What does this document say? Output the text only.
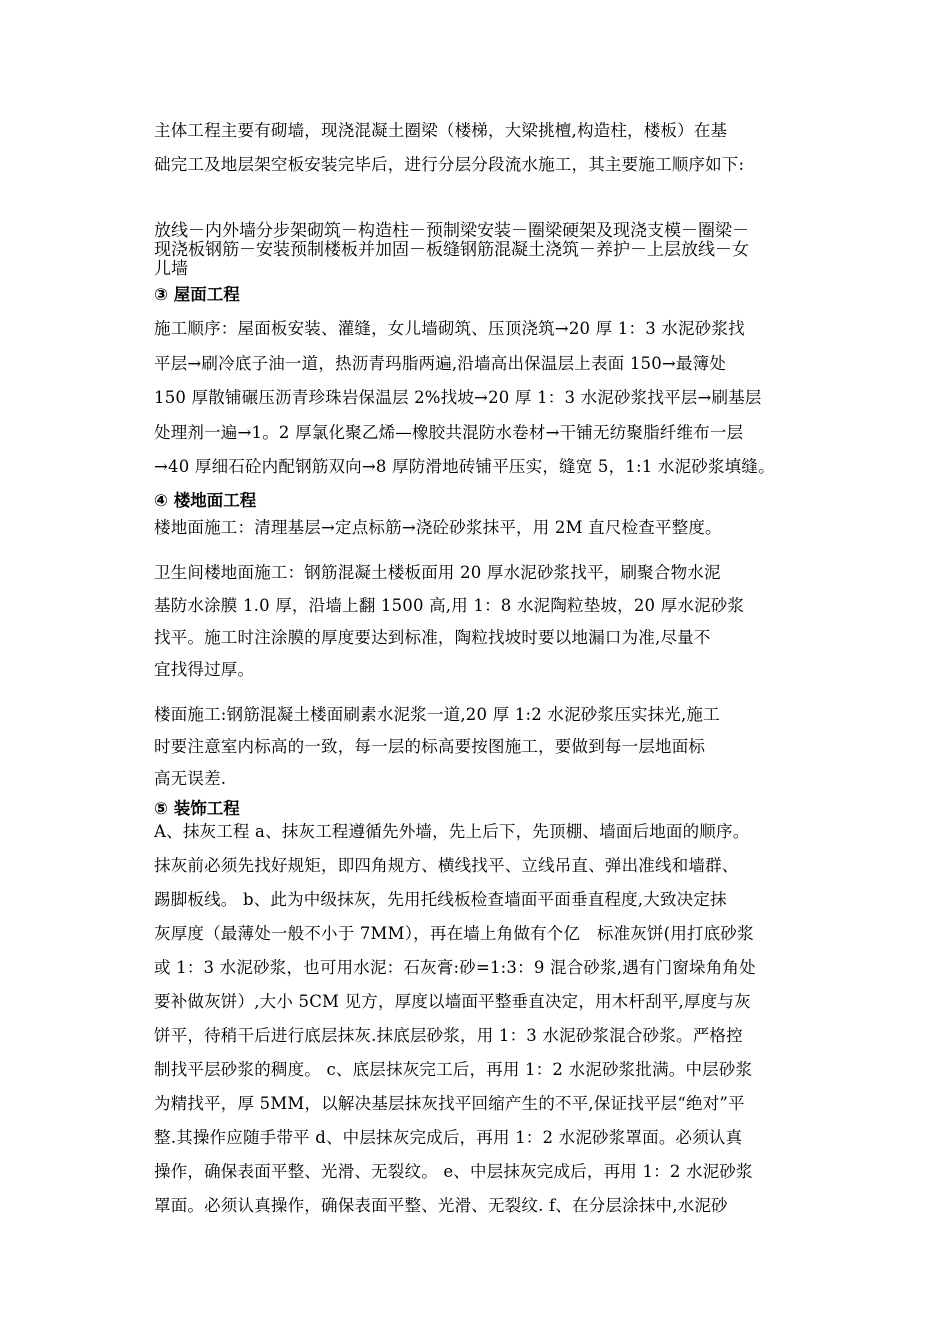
主体工程主要有砌墙，现浇混凝土圈梁（楼梯，大梁挑檀,构造柱，楼板）在基
础完工及地层架空板安装完毕后，进行分层分段流水施工，其主要施工顺序如下:
放线－内外墙分步架砌筑－构造柱－预制梁安装－圈梁硬架及现浇支模－圈梁－
现浇板钢筋－安装预制楼板并加固－板缝钢筋混凝土浇筑－养护－上层放线－女
儿墙
③ 屋面工程
施工顺序：屋面板安装、灌缝，女儿墙砌筑、压顶浇筑→20 厚 1：3 水泥砂浆找
平层→刷冷底子油一道，热沥青玛脂两遍,沿墙高出保温层上表面 150→最簿处
150 厚散铺碾压沥青珍珠岩保温层 2%找坡→20 厚 1：3 水泥砂浆找平层→刷基层
处理剂一遍→1。2 厚氯化聚乙烯—橡胶共混防水卷材→干铺无纺聚脂纤维布一层
→40 厚细石砼内配钢筋双向→8 厚防滑地砖铺平压实，缝宽 5，1:1 水泥砂浆填缝。
④ 楼地面工程
楼地面施工：清理基层→定点标筋→浇砼砂浆抹平，用 2M 直尺检查平整度。
卫生间楼地面施工：钢筋混凝土楼板面用 20 厚水泥砂浆找平，刷聚合物水泥
基防水涂膜 1.0 厚，沿墙上翻 1500 高,用 1：8 水泥陶粒垫坡，20 厚水泥砂浆
找平。施工时注涂膜的厚度要达到标准，陶粒找坡时要以地漏口为准,尽量不
宜找得过厚。
楼面施工:钢筋混凝土楼面刷素水泥浆一道,20 厚 1:2 水泥砂浆压实抹光,施工
时要注意室内标高的一致，每一层的标高要按图施工，要做到每一层地面标
高无误差.
⑤ 装饰工程
A、抹灰工程 a、抹灰工程遵循先外墙，先上后下，先顶棚、墙面后地面的顺序。
抹灰前必须先找好规矩，即四角规方、横线找平、立线吊直、弹出准线和墙群、
踢脚板线。 b、此为中级抹灰，先用托线板检查墙面平面垂直程度,大致决定抹
灰厚度（最薄处一般不小于 7MM），再在墙上角做有个亿　标准灰饼(用打底砂浆
或 1：3 水泥砂浆，也可用水泥：石灰膏:砂=1:3：9 混合砂浆,遇有门窗垛角角处
要补做灰饼）,大小 5CM 见方，厚度以墙面平整垂直决定，用木杆刮平,厚度与灰
饼平，待稍干后进行底层抹灰.抹底层砂浆，用 1：3 水泥砂浆混合砂浆。严格控
制找平层砂浆的稠度。 c、底层抹灰完工后，再用 1：2 水泥砂浆批满。中层砂浆
为精找平，厚 5MM，以解决基层抹灰找平回缩产生的不平,保证找平层“绝对”平
整.其操作应随手带平 d、中层抹灰完成后，再用 1：2 水泥砂浆罩面。必须认真
操作，确保表面平整、光滑、无裂纹。 e、中层抹灰完成后，再用 1：2 水泥砂浆
罩面。必须认真操作，确保表面平整、光滑、无裂纹. f、在分层涂抹中,水泥砂
